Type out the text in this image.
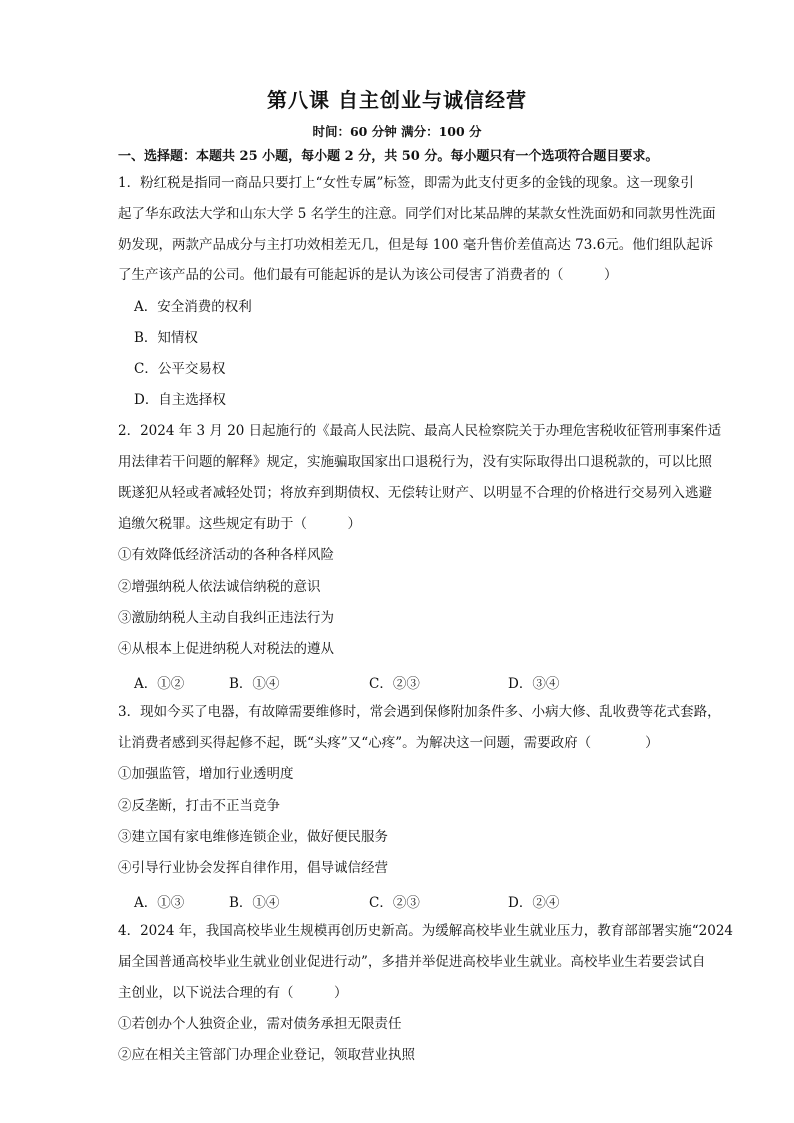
第八课 自主创业与诚信经营
时间：60 分钟 满分：100 分
一、选择题：本题共 25 小题，每小题 2 分，共 50 分。每小题只有一个选项符合题目要求。
1．粉红税是指同一商品只要打上“女性专属”标签，即需为此支付更多的金钱的现象。这一现象引
起了华东政法大学和山东大学 5 名学生的注意。同学们对比某品牌的某款女性洗面奶和同款男性洗面
奶发现，两款产品成分与主打功效相差无几，但是每 100 毫升售价差值高达 73.6元。他们组队起诉
了生产该产品的公司。他们最有可能起诉的是认为该公司侵害了消费者的（　　　）
A．安全消费的权利
B．知情权
C．公平交易权
D．自主选择权
2．2024 年 3 月 20 日起施行的《最高人民法院、最高人民检察院关于办理危害税收征管刑事案件适
用法律若干问题的解释》规定，实施骗取国家出口退税行为，没有实际取得出口退税款的，可以比照
既遂犯从轻或者减轻处罚；将放弃到期债权、无偿转让财产、以明显不合理的价格进行交易列入逃避
追缴欠税罪。这些规定有助于（　　　）
①有效降低经济活动的各种各样风险
②增强纳税人依法诚信纳税的意识
③激励纳税人主动自我纠正违法行为
④从根本上促进纳税人对税法的遵从
A．①②	B．①④	C．②③	D．③④
3．现如今买了电器，有故障需要维修时，常会遇到保修附加条件多、小病大修、乱收费等花式套路，
让消费者感到买得起修不起，既“头疼”又“心疼”。为解决这一问题，需要政府（　　　　）
①加强监管，增加行业透明度
②反垄断，打击不正当竞争
③建立国有家电维修连锁企业，做好便民服务
④引导行业协会发挥自律作用，倡导诚信经营
A．①③	B．①④	C．②③	D．②④
4．2024 年，我国高校毕业生规模再创历史新高。为缓解高校毕业生就业压力，教育部部署实施“2024
届全国普通高校毕业生就业创业促进行动”，多措并举促进高校毕业生就业。高校毕业生若要尝试自
主创业，以下说法合理的有（　　　）
①若创办个人独资企业，需对债务承担无限责任
②应在相关主管部门办理企业登记，领取营业执照
